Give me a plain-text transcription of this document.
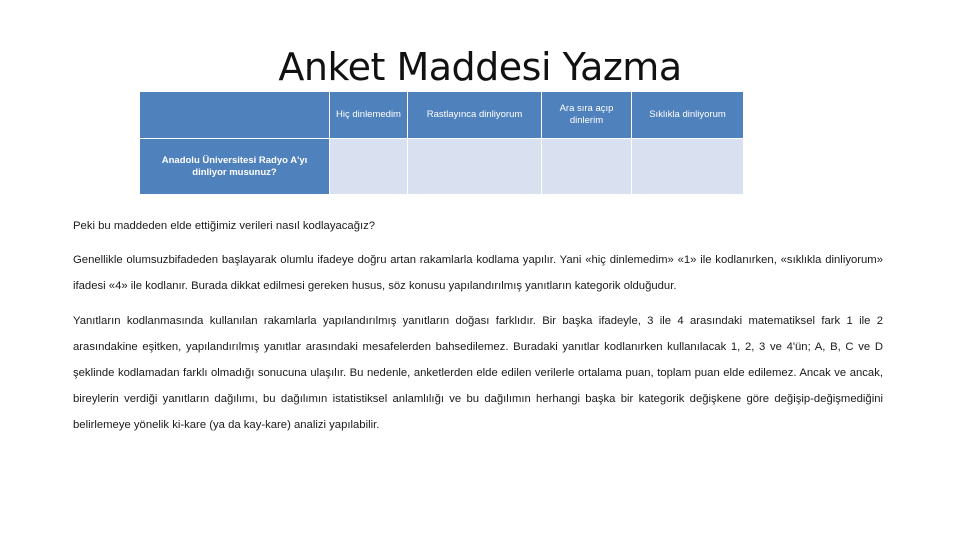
Anket Maddesi Yazma
	Hiç dinlemedim	Rastlayınca dinliyorum	Ara sıra açıp dinlerim	Sıklıkla dinliyorum
Anadolu Üniversitesi Radyo A'yı dinliyor musunuz?				

Peki bu maddeden elde ettiğimiz verileri nasıl kodlayacağız?

Genellikle olumsuzbifadeden başlayarak olumlu ifadeye doğru artan rakamlarla kodlama yapılır. Yani «hiç dinlemedim» «1» ile kodlanırken, «sıklıkla dinliyorum» ifadesi «4» ile kodlanır. Burada dikkat edilmesi gereken husus, söz konusu yapılandırılmış yanıtların kategorik olduğudur.

Yanıtların kodlanmasında kullanılan rakamlarla yapılandırılmış yanıtların doğası farklıdır. Bir başka ifadeyle, 3 ile 4 arasındaki matematiksel fark 1 ile 2 arasındakine eşitken, yapılandırılmış yanıtlar arasındaki mesafelerden bahsedilemez. Buradaki yanıtlar kodlanırken kullanılacak 1, 2, 3 ve 4'ün; A, B, C ve D şeklinde kodlamadan farklı olmadığı sonucuna ulaşılır. Bu nedenle, anketlerden elde edilen verilerle ortalama puan, toplam puan elde edilemez. Ancak ve ancak, bireylerin verdiği yanıtların dağılımı, bu dağılımın istatistiksel anlamlılığı ve bu dağılımın herhangi başka bir kategorik değişkene göre değişip-değişmediğini belirlemeye yönelik ki-kare (ya da kay-kare) analizi yapılabilir.
